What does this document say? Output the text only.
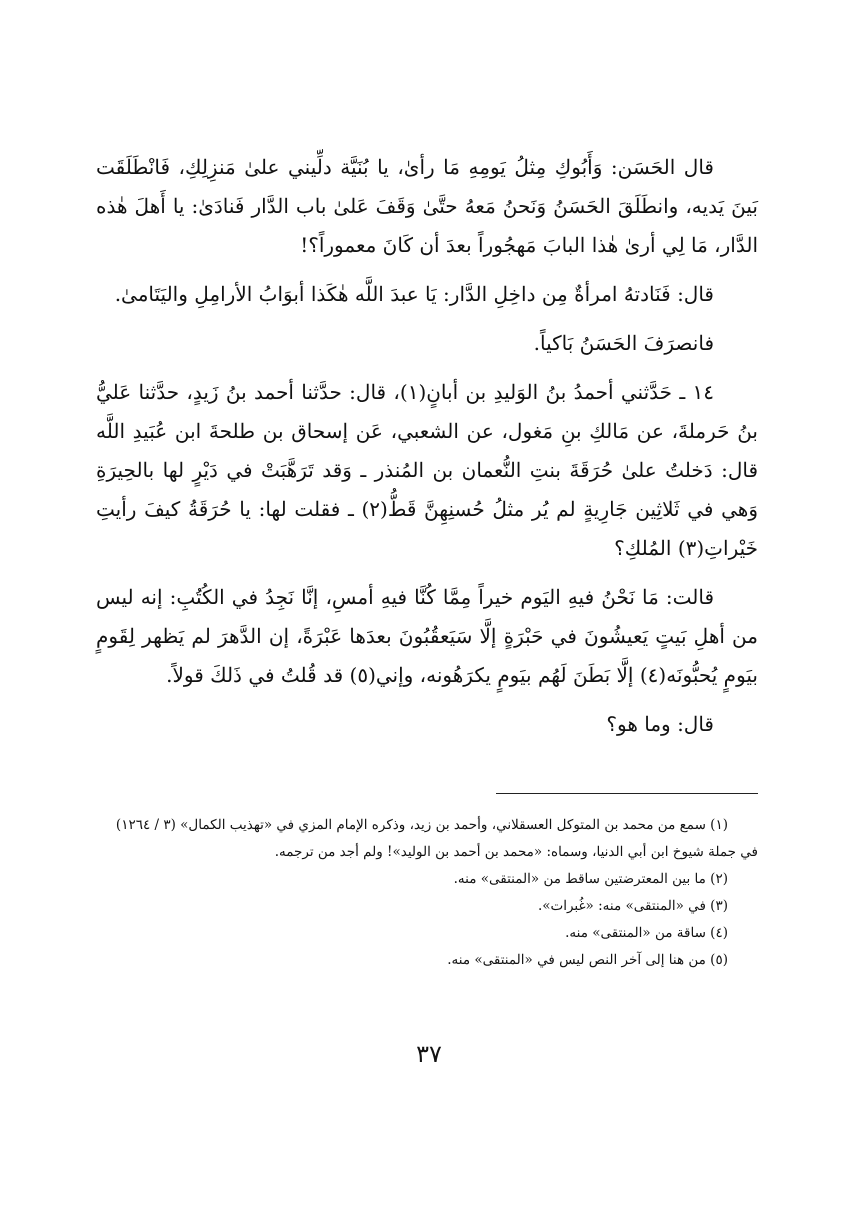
قال الحَسَن: وَأَبُوكِ مِثلُ يَومِهِ مَا رأىٰ، يا بُنَيَّة دلِّيني علىٰ مَنزِلِكِ، فَانْطَلَقَت بَينَ يَديه، وانطَلَقَ الحَسَنُ وَنَحنُ مَعهُ حتَّىٰ وَقَفَ عَلىٰ باب الدَّار فَنادَىٰ: يا أَهلَ هٰذه الدَّار، مَا لِي أرىٰ هٰذا البابَ مَهجُوراً بعدَ أن كَانَ معموراً؟!

قال: فَنَادتهُ امرأةٌ مِن داخِلِ الدَّار: يَا عبدَ اللَّه هٰكَذا أبوَابُ الأرامِلِ واليَتَامىٰ.

فانصرَفَ الحَسَنُ بَاكياً.

١٤ ـ حَدَّثني أحمدُ بنُ الوَليدِ بن أبانٍ(١)، قال: حدَّثنا أحمد بنُ زَيدٍ، حدَّثنا عَليُّ بنُ حَرملةَ، عن مَالكِ بنِ مَغول، عن الشعبي، عَن إسحاق بن طلحةَ ابن عُبَيدِ اللَّه قال: دَخلتُ علىٰ حُرَقَةَ بنتِ النُّعمان بن المُنذر ـ وَقد تَرَهَّبَتْ في دَيْرٍ لها بالحِيرَةِ وَهي في ثَلاثِين جَارِيةٍ لم يُر مثلُ حُسنِهِنَّ قَطُّ(٢) ـ فقلت لها: يا حُرَقَةُ كيفَ رأيتِ خَيْراتِ(٣) المُلكِ؟

قالت: مَا نَحْنُ فيهِ اليَوم خيراً مِمَّا كُنَّا فيهِ أمسِ، إنَّا نَجِدُ في الكُتُبِ: إنه ليس من أهلِ بَيتٍ يَعيشُونَ في حَبْرَةٍ إلَّا سَيَعقُبُونَ بعدَها عَبْرَةً، إن الدَّهرَ لم يَظهر لِقَومٍ بيَومٍ يُحبُّونَه(٤) إلَّا بَطَنَ لَهُم بيَومٍ يكرَهُونه، وإني(٥) قد قُلتُ في ذَلكَ قولاً.

قال: وما هو؟

(١) سمع من محمد بن المتوكل العسقلاني، وأحمد بن زيد، وذكره الإمام المزي في «تهذيب الكمال» (٣ / ١٢٦٤) في جملة شيوخ ابن أبي الدنيا، وسماه: «محمد بن أحمد بن الوليد»! ولم أجد من ترجمه.

(٢) ما بين المعترضتين ساقط من «المنتقى» منه.

(٣) في «المنتقى» منه: «غُبرات».

(٤) ساقة من «المنتقى» منه.

(٥) من هنا إلى آخر النص ليس في «المنتقى» منه.

٣٧
